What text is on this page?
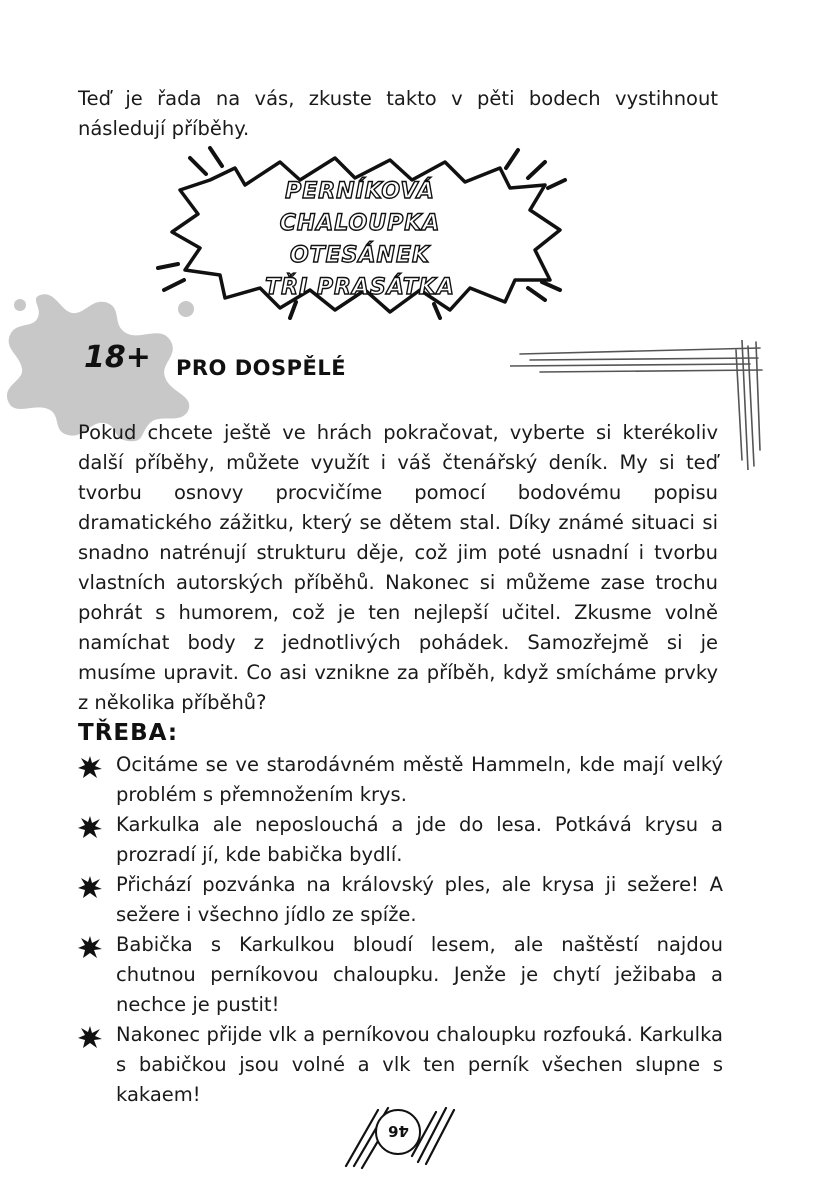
Teď je řada na vás, zkuste takto v pěti bodech vystihnout následují příběhy.

PERNÍKOVÁ CHALOUPKA
OTESÁNEK
TŘI PRASÁTKA
18+ PRO DOSPĚLÉ

Pokud chcete ještě ve hrách pokračovat, vyberte si kterékoliv další příběhy, můžete využít i váš čtenářský deník. My si teď tvorbu osnovy procvičíme pomocí bodovému popisu dramatického zážitku, který se dětem stal. Díky známé situaci si snadno natrénují strukturu děje, což jim poté usnadní i tvorbu vlastních autorských příběhů. Nakonec si můžeme zase trochu pohrát s humorem, což je ten nejlepší učitel. Zkusme volně namíchat body z jednotlivých pohádek. Samozřejmě si je musíme upravit. Co asi vznikne za příběh, když smícháme prvky z několika příběhů?

TŘEBA:
Ocitáme se ve starodávném městě Hammeln, kde mají velký problém s přemnožením krys.
Karkulka ale neposlouchá a jde do lesa. Potkává krysu a prozradí jí, kde babička bydlí.
Přichází pozvánka na královský ples, ale krysa ji sežere! A sežere i všechno jídlo ze spíže.
Babička s Karkulkou bloudí lesem, ale naštěstí najdou chutnou perníkovou chaloupku. Jenže je chytí ježibaba a nechce je pustit!
Nakonec přijde vlk a perníkovou chaloupku rozfouká. Karkulka s babičkou jsou volné a vlk ten perník všechen slupne s kakaem!
46
